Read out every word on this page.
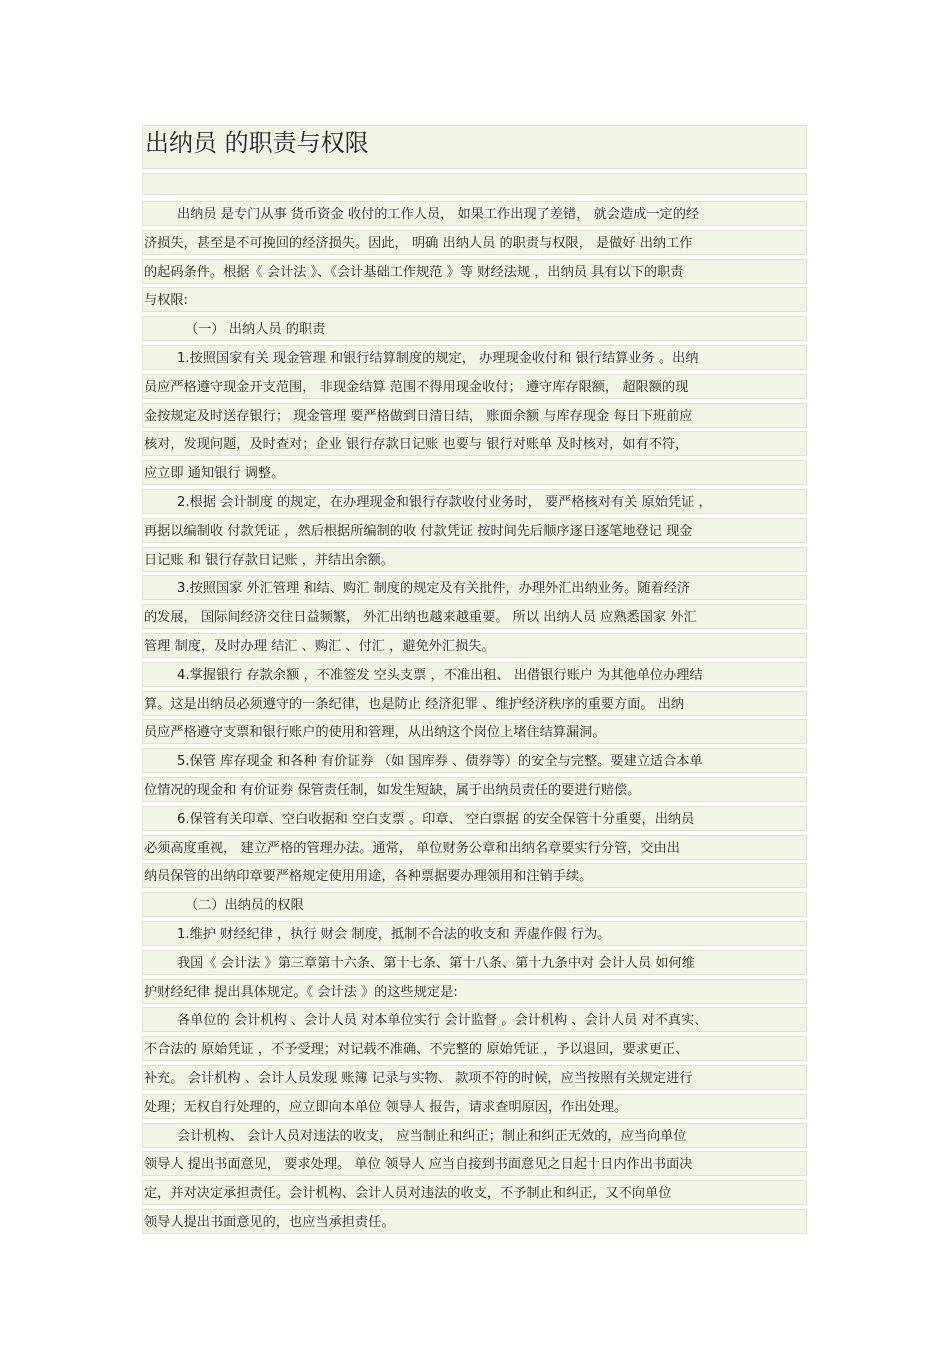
出纳员 的职责与权限
出纳员 是专门从事 货币资金 收付的工作人员， 如果工作出现了差错， 就会造成一定的经
济损失，甚至是不可挽回的经济损失。因此， 明确 出纳人员 的职责与权限， 是做好 出纳工作
的起码条件。根据《 会计法 》、《会计基础工作规范 》等 财经法规 ，出纳员 具有以下的职责
与权限:
（一） 出纳人员 的职责
1.按照国家有关 现金管理 和银行结算制度的规定， 办理现金收付和 银行结算业务 。出纳
员应严格遵守现金开支范围， 非现金结算 范围不得用现金收付； 遵守库存限额， 超限额的现
金按规定及时送存银行； 现金管理 要严格做到日清日结， 账面余额 与库存现金 每日下班前应
核对，发现问题，及时查对；企业 银行存款日记账 也要与 银行对账单 及时核对，如有不符，
应立即 通知银行 调整。
2.根据 会计制度 的规定，在办理现金和银行存款收付业务时， 要严格核对有关 原始凭证 ，
再据以编制收 付款凭证 ，然后根据所编制的收 付款凭证 按时间先后顺序逐日逐笔地登记 现金
日记账 和 银行存款日记账 ，并结出余额。
3.按照国家 外汇管理 和结、购汇 制度的规定及有关批件，办理外汇出纳业务。随着经济
的发展， 国际间经济交往日益频繁， 外汇出纳也越来越重要。 所以 出纳人员 应熟悉国家 外汇
管理 制度，及时办理 结汇 、购汇 、付汇 ，避免外汇损失。
4.掌握银行 存款余额 ，不准签发 空头支票 ，不准出租、 出借银行账户 为其他单位办理结
算。这是出纳员必须遵守的一条纪律，也是防止 经济犯罪 、维护经济秩序的重要方面。 出纳
员应严格遵守支票和银行账户的使用和管理，从出纳这个岗位上堵住结算漏洞。
5.保管 库存现金 和各种 有价证券 （如 国库券 、债券等）的安全与完整。要建立适合本单
位情况的现金和 有价证券 保管责任制，如发生短缺，属于出纳员责任的要进行赔偿。
6.保管有关印章、空白收据和 空白支票 。印章、 空白票据 的安全保管十分重要，出纳员
必须高度重视， 建立严格的管理办法。通常， 单位财务公章和出纳名章要实行分管，交由出
纳员保管的出纳印章要严格规定使用用途，各种票据要办理领用和注销手续。
（二）出纳员的权限
1.维护 财经纪律 ，执行 财会 制度，抵制不合法的收支和 弄虚作假 行为。
我国《 会计法 》第三章第十六条、第十七条、第十八条、第十九条中对 会计人员 如何维
护财经纪律 提出具体规定。《 会计法 》的这些规定是:
各单位的 会计机构 、会计人员 对本单位实行 会计监督 。会计机构 、会计人员 对不真实、
不合法的 原始凭证 ，不予受理；对记载不准确、不完整的 原始凭证 ，予以退回，要求更正、
补充。 会计机构 、会计人员发现 账簿 记录与实物、 款项不符的时候，应当按照有关规定进行
处理；无权自行处理的，应立即向本单位 领导人 报告，请求查明原因，作出处理。
会计机构、 会计人员对违法的收支， 应当制止和纠正；制止和纠正无效的，应当向单位
领导人 提出书面意见， 要求处理。 单位 领导人 应当自接到书面意见之日起十日内作出书面决
定，并对决定承担责任。会计机构、会计人员对违法的收支，不予制止和纠正，又不向单位
领导人提出书面意见的，也应当承担责任。
